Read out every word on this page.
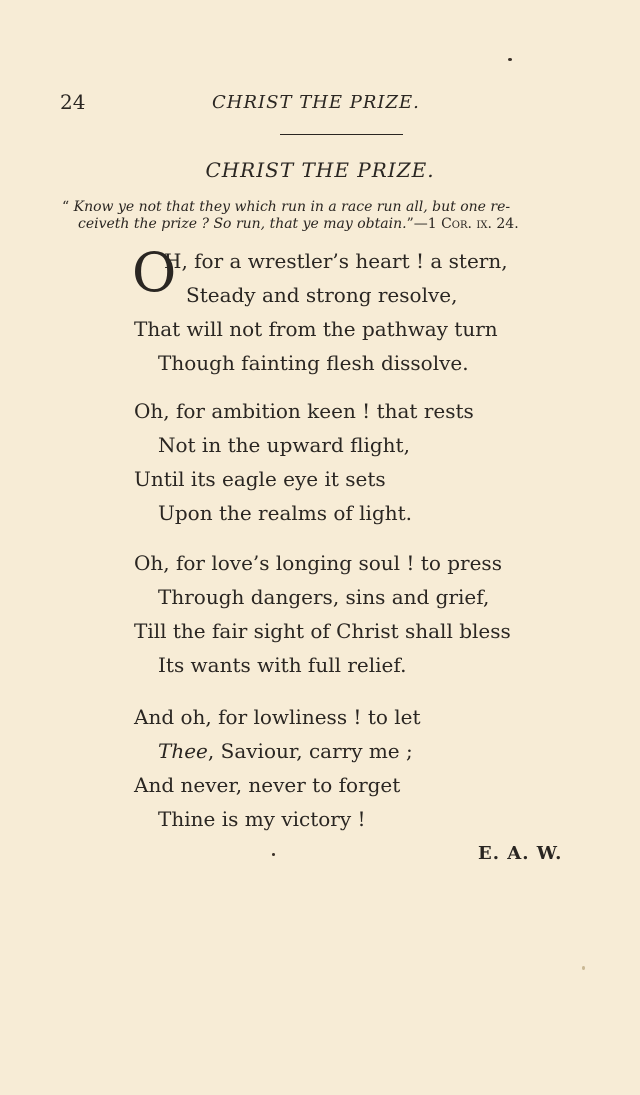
24	CHRIST THE PRIZE.
CHRIST THE PRIZE.
“ Know ye not that they which run in a race run all, but one re-
ceiveth the prize ? So run, that ye may obtain.”—1 Cor. ix. 24.
O
H, for a wrestler’s heart ! a stern,
Steady and strong resolve,
That will not from the pathway turn
Though fainting flesh dissolve.
Oh, for ambition keen ! that rests
Not in the upward flight,
Until its eagle eye it sets
Upon the realms of light.
Oh, for love’s longing soul ! to press
Through dangers, sins and grief,
Till the fair sight of Christ shall bless
Its wants with full relief.
And oh, for lowliness ! to let
Thee, Saviour, carry me ;
And never, never to forget
Thine is my victory !
E. A. W.
